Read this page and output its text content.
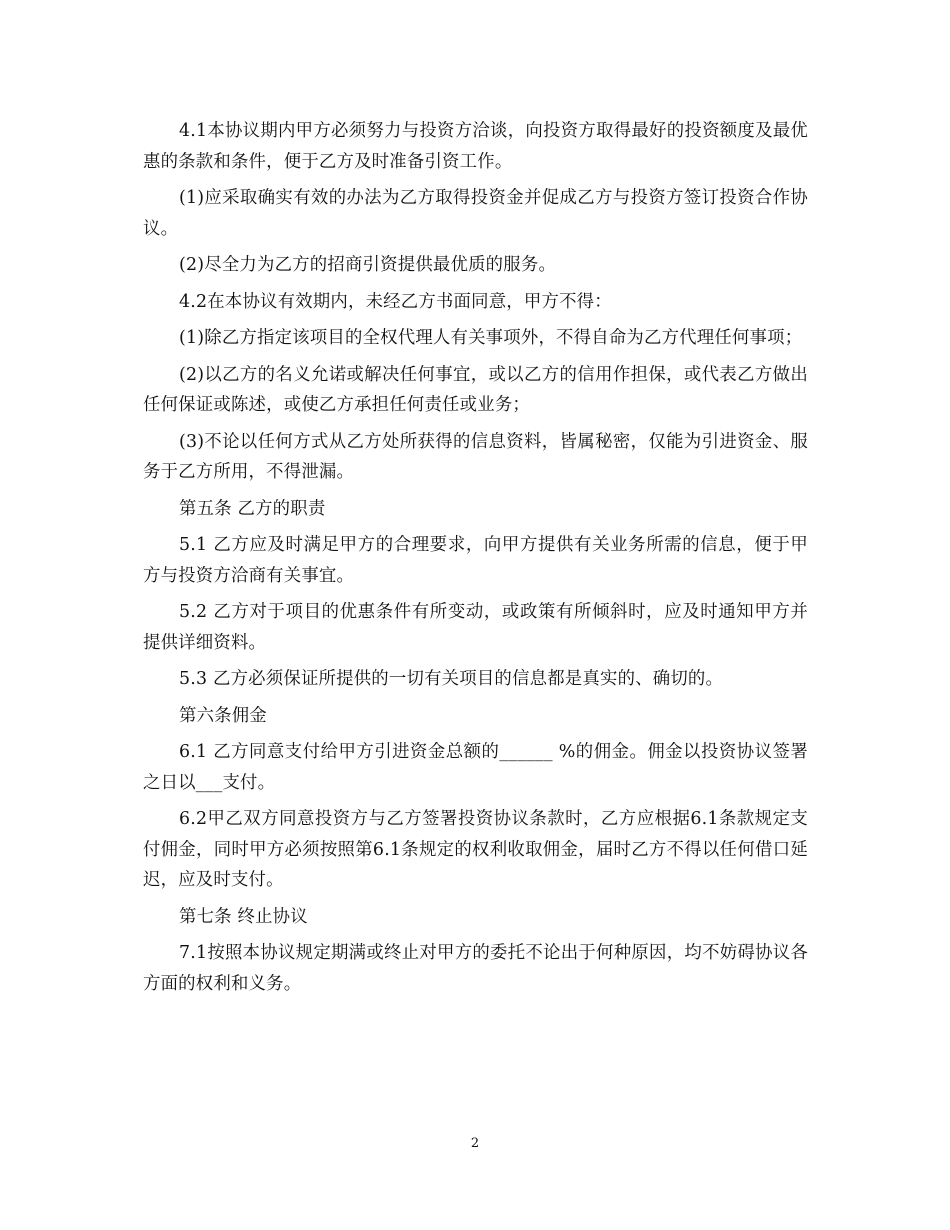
4.1本协议期内甲方必须努力与投资方洽谈，向投资方取得最好的投资额度及最优惠的条款和条件，便于乙方及时准备引资工作。

(1)应采取确实有效的办法为乙方取得投资金并促成乙方与投资方签订投资合作协议。

(2)尽全力为乙方的招商引资提供最优质的服务。

4.2在本协议有效期内，未经乙方书面同意，甲方不得：

(1)除乙方指定该项目的全权代理人有关事项外，不得自命为乙方代理任何事项；

(2)以乙方的名义允诺或解决任何事宜，或以乙方的信用作担保，或代表乙方做出任何保证或陈述，或使乙方承担任何责任或业务；

(3)不论以任何方式从乙方处所获得的信息资料，皆属秘密，仅能为引进资金、服务于乙方所用，不得泄漏。

第五条 乙方的职责

5.1 乙方应及时满足甲方的合理要求，向甲方提供有关业务所需的信息，便于甲方与投资方洽商有关事宜。

5.2 乙方对于项目的优惠条件有所变动，或政策有所倾斜时，应及时通知甲方并提供详细资料。

5.3 乙方必须保证所提供的一切有关项目的信息都是真实的、确切的。

第六条佣金

6.1 乙方同意支付给甲方引进资金总额的______ %的佣金。佣金以投资协议签署之日以___支付。

6.2甲乙双方同意投资方与乙方签署投资协议条款时，乙方应根据6.1条款规定支付佣金，同时甲方必须按照第6.1条规定的权利收取佣金，届时乙方不得以任何借口延迟，应及时支付。

第七条 终止协议

7.1按照本协议规定期满或终止对甲方的委托不论出于何种原因，均不妨碍协议各方面的权利和义务。

2
